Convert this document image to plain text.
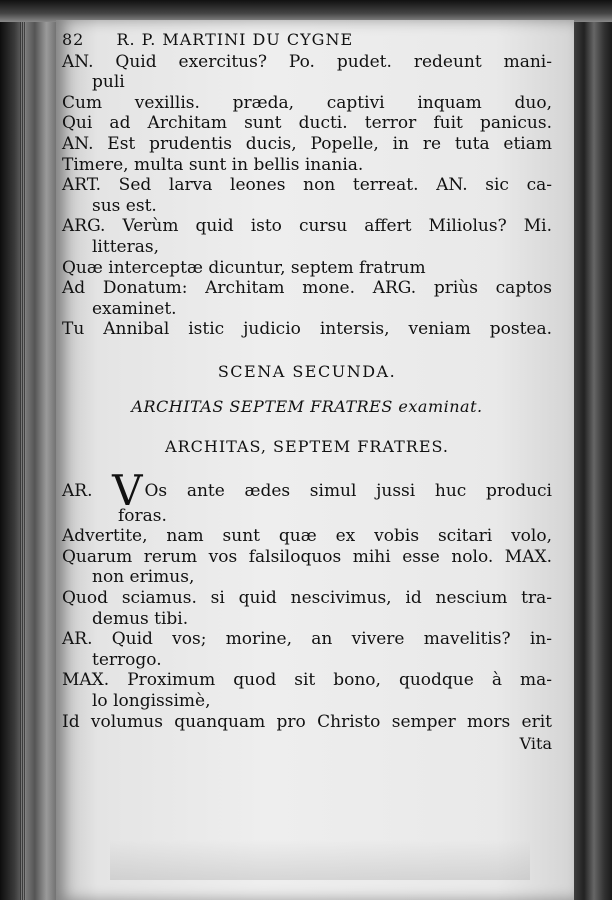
82 R. P. MARTINI DU CYGNE
AN. Quid exercitus? Po. pudet. redeunt mani-
puli
Cum vexillis. præda, captivi inquam duo,
Qui ad Architam sunt ducti. terror fuit panicus.
AN. Est prudentis ducis, Popelle, in re tuta etiam
Timere, multa sunt in bellis inania.
ART. Sed larva leones non terreat. AN. sic ca-
sus est.
ARG. Verùm quid isto cursu affert Miliolus? Mi.
litteras,
Quæ interceptæ dicuntur, septem fratrum
Ad Donatum: Architam mone. ARG. priùs captos
examinet.
Tu Annibal istic judicio intersis, veniam postea.
SCENA SECUNDA.
ARCHITAS SEPTEM FRATRES examinat.
ARCHITAS, SEPTEM FRATRES.
AR. V Os ante ædes simul jussi huc produci
foras.
Advertite, nam sunt quæ ex vobis scitari volo,
Quarum rerum vos falsiloquos mihi esse nolo. MAX.
non erimus,
Quod sciamus. si quid nescivimus, id nescium tra-
demus tibi.
AR. Quid vos; morine, an vivere mavelitis? in-
terrogo.
MAX. Proximum quod sit bono, quodque à ma-
lo longissimè,
Id volumus quanquam pro Christo semper mors erit
Vita
